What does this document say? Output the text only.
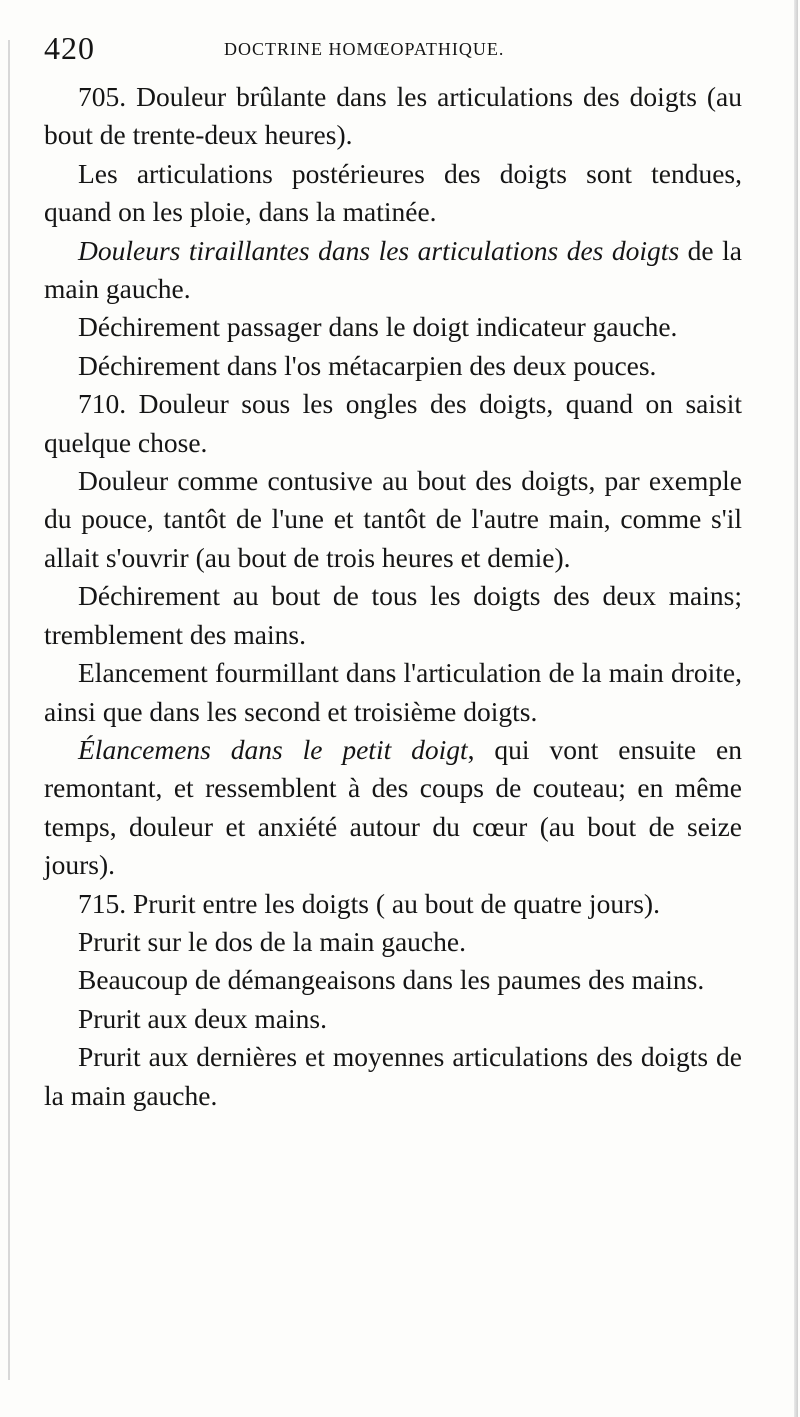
420	DOCTRINE HOMŒOPATHIQUE.

705. Douleur brûlante dans les articulations des doigts (au bout de trente-deux heures).

Les articulations postérieures des doigts sont tendues, quand on les ploie, dans la matinée.

Douleurs tiraillantes dans les articulations des doigts de la main gauche.

Déchirement passager dans le doigt indicateur gauche.

Déchirement dans l'os métacarpien des deux pouces.

710. Douleur sous les ongles des doigts, quand on saisit quelque chose.

Douleur comme contusive au bout des doigts, par exemple du pouce, tantôt de l'une et tantôt de l'autre main, comme s'il allait s'ouvrir (au bout de trois heures et demie).

Déchirement au bout de tous les doigts des deux mains; tremblement des mains.

Elancement fourmillant dans l'articulation de la main droite, ainsi que dans les second et troisième doigts.

Élancemens dans le petit doigt, qui vont ensuite en remontant, et ressemblent à des coups de couteau; en même temps, douleur et anxiété autour du cœur (au bout de seize jours).

715. Prurit entre les doigts ( au bout de quatre jours).

Prurit sur le dos de la main gauche.

Beaucoup de démangeaisons dans les paumes des mains.

Prurit aux deux mains.

Prurit aux dernières et moyennes articulations des doigts de la main gauche.
